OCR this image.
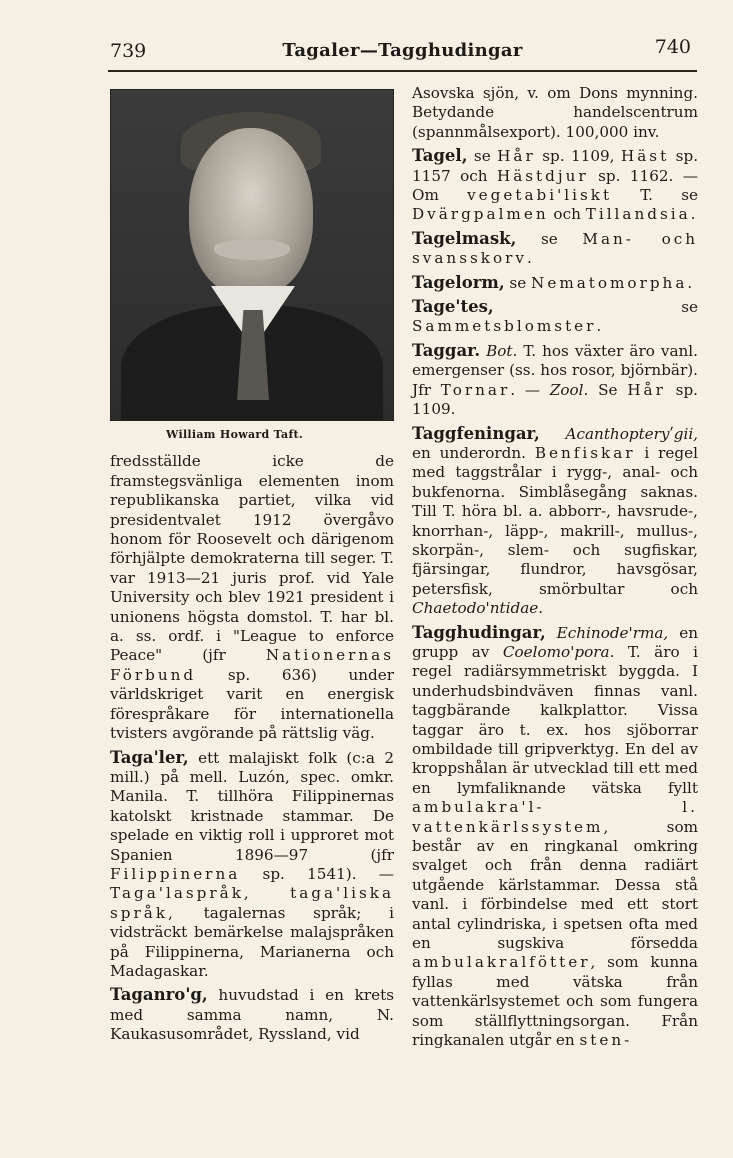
739	Tagaler—Tagghudingar	740
William Howard Taft.

fredsställde icke de framstegsvänliga elementen inom republikanska partiet, vilka vid presidentvalet 1912 övergåvo honom för Roosevelt och därigenom förhjälpte demokraterna till seger. T. var 1913—21 juris prof. vid Yale University och blev 1921 president i unionens högsta domstol. T. har bl. a. ss. ordf. i "League to enforce Peace" (jfr Nationernas Förbund sp. 636) under världskriget varit en energisk förespråkare för internationella tvisters avgörande på rättslig väg.

Taga'ler, ett malajiskt folk (c:a 2 mill.) på mell. Luzón, spec. omkr. Manila. T. tillhöra Filippinernas katolskt kristnade stammar. De spelade en viktig roll i upproret mot Spanien 1896—97 (jfr Filippinerna sp. 1541). — Taga'laspråk, taga'liska språk, tagalernas språk; i vidsträckt bemärkelse malajspråken på Filippinerna, Marianerna och Madagaskar.

Taganro'g, huvudstad i en krets med samma namn, N. Kaukasusområdet, Ryssland, vid

Asovska sjön, v. om Dons mynning. Betydande handelscentrum (spannmålsexport). 100,000 inv.

Tagel, se Hår sp. 1109, Häst sp. 1157 och Hästdjur sp. 1162. — Om vegetabi'liskt T. se Dvärgpalmen och Tillandsia.

Tagelmask, se Man- och svansskorv.

Tagelorm, se Nematomorpha.

Tage'tes, se Sammetsblomster.

Taggar. Bot. T. hos växter äro vanl. emergenser (ss. hos rosor, björnbär). Jfr Tornar. — Zool. Se Hår sp. 1109.

Taggfeningar, Acanthopteryʹgii, en underordn. Benfiskar i regel med taggstrålar i rygg-, anal- och bukfenorna. Simblåsegång saknas. Till T. höra bl. a. abborr-, havsrude-, knorrhan-, läpp-, makrill-, mullus-, skorpän-, slem- och sugfiskar, fjärsingar, flundror, havsgösar, petersfisk, smörbultar och Chaetodo'ntidae.

Tagghudingar, Echinode'rma, en grupp av Coelomo'pora. T. äro i regel radiärsymmetriskt byggda. I underhudsbindväven finnas vanl. taggbärande kalkplattor. Vissa taggar äro t. ex. hos sjöborrar ombildade till gripverktyg. En del av kroppshålan är utvecklad till ett med en lymfaliknande vätska fyllt ambulakra'l- l. vattenkärlssystem, som består av en ringkanal omkring svalget och från denna radiärt utgående kärlstammar. Dessa stå vanl. i förbindelse med ett stort antal cylindriska, i spetsen ofta med en sugskiva försedda ambulakralfötter, som kunna fyllas med vätska från vattenkärlsystemet och som fungera som ställflyttningsorgan. Från ringkanalen utgår en sten-
